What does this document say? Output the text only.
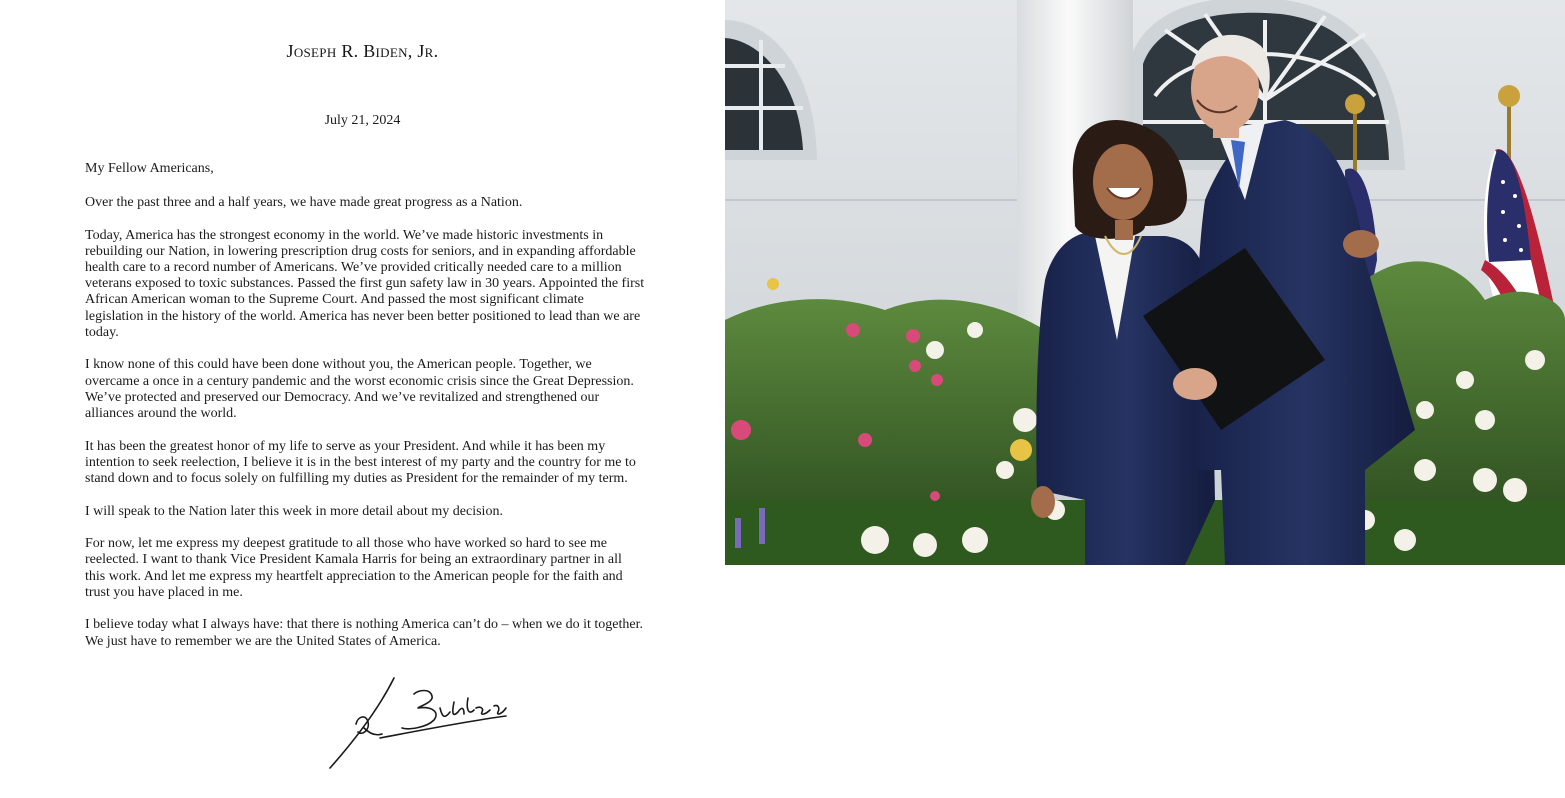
Joseph R. Biden, Jr.
July 21, 2024
My Fellow Americans,

Over the past three and a half years, we have made great progress as a Nation.

Today, America has the strongest economy in the world. We’ve made historic investments in rebuilding our Nation, in lowering prescription drug costs for seniors, and in expanding affordable health care to a record number of Americans. We’ve provided critically needed care to a million veterans exposed to toxic substances. Passed the first gun safety law in 30 years. Appointed the first African American woman to the Supreme Court. And passed the most significant climate legislation in the history of the world. America has never been better positioned to lead than we are today.

I know none of this could have been done without you, the American people. Together, we overcame a once in a century pandemic and the worst economic crisis since the Great Depression. We’ve protected and preserved our Democracy. And we’ve revitalized and strengthened our alliances around the world.

It has been the greatest honor of my life to serve as your President. And while it has been my intention to seek reelection, I believe it is in the best interest of my party and the country for me to stand down and to focus solely on fulfilling my duties as President for the remainder of my term.

I will speak to the Nation later this week in more detail about my decision.

For now, let me express my deepest gratitude to all those who have worked so hard to see me reelected. I want to thank Vice President Kamala Harris for being an extraordinary partner in all this work. And let me express my heartfelt appreciation to the American people for the faith and trust you have placed in me.

I believe today what I always have: that there is nothing America can’t do – when we do it together. We just have to remember we are the United States of America.
